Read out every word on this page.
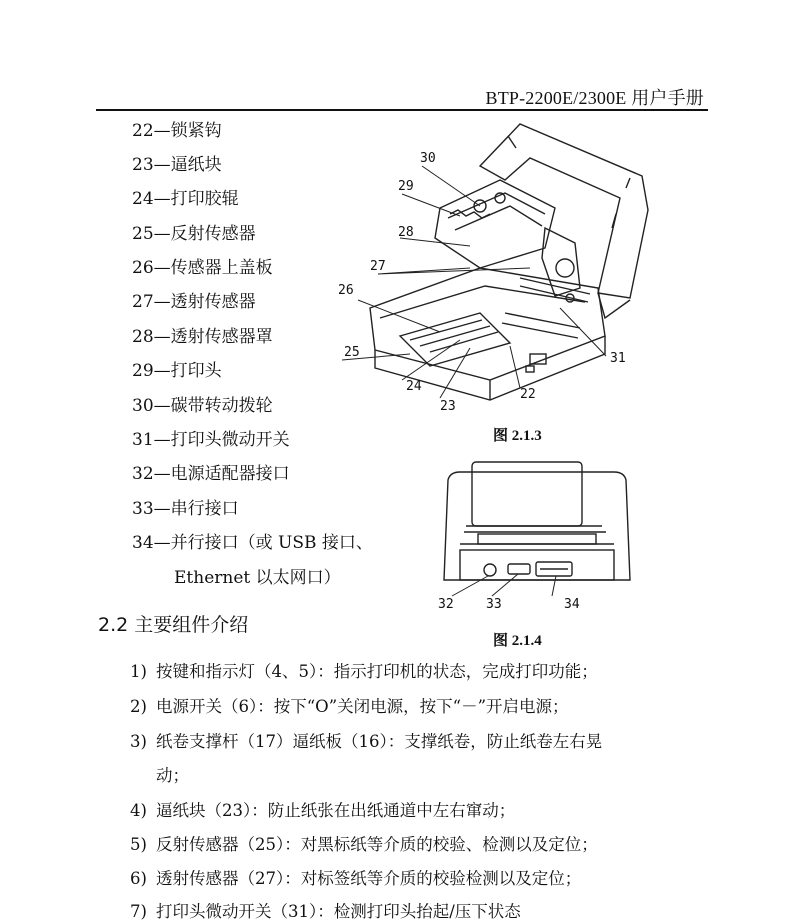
BTP-2200E/2300E 用户手册
22—锁紧钩
23—逼纸块
24—打印胶辊
25—反射传感器
26—传感器上盖板
27—透射传感器
28—透射传感器罩
29—打印头
30—碳带转动拨轮
31—打印头微动开关
32—电源适配器接口
33—串行接口
34—并行接口（或 USB 接口、
Ethernet 以太网口）
30
29
28
27
26
25
24
23
22
31
图 2.1.3
32 33	34
图 2.1.4
2.2 主要组件介绍
1) 按键和指示灯（4、5）：指示打印机的状态，完成打印功能；
2) 电源开关（6）：按下“O”关闭电源，按下“－”开启电源；
3) 纸卷支撑杆（17）逼纸板（16）：支撑纸卷，防止纸卷左右晃
动；
4) 逼纸块（23）：防止纸张在出纸通道中左右窜动；
5) 反射传感器（25）：对黑标纸等介质的校验、检测以及定位；
6) 透射传感器（27）：对标签纸等介质的校验检测以及定位；
7) 打印头微动开关（31）：检测打印头抬起/压下状态
